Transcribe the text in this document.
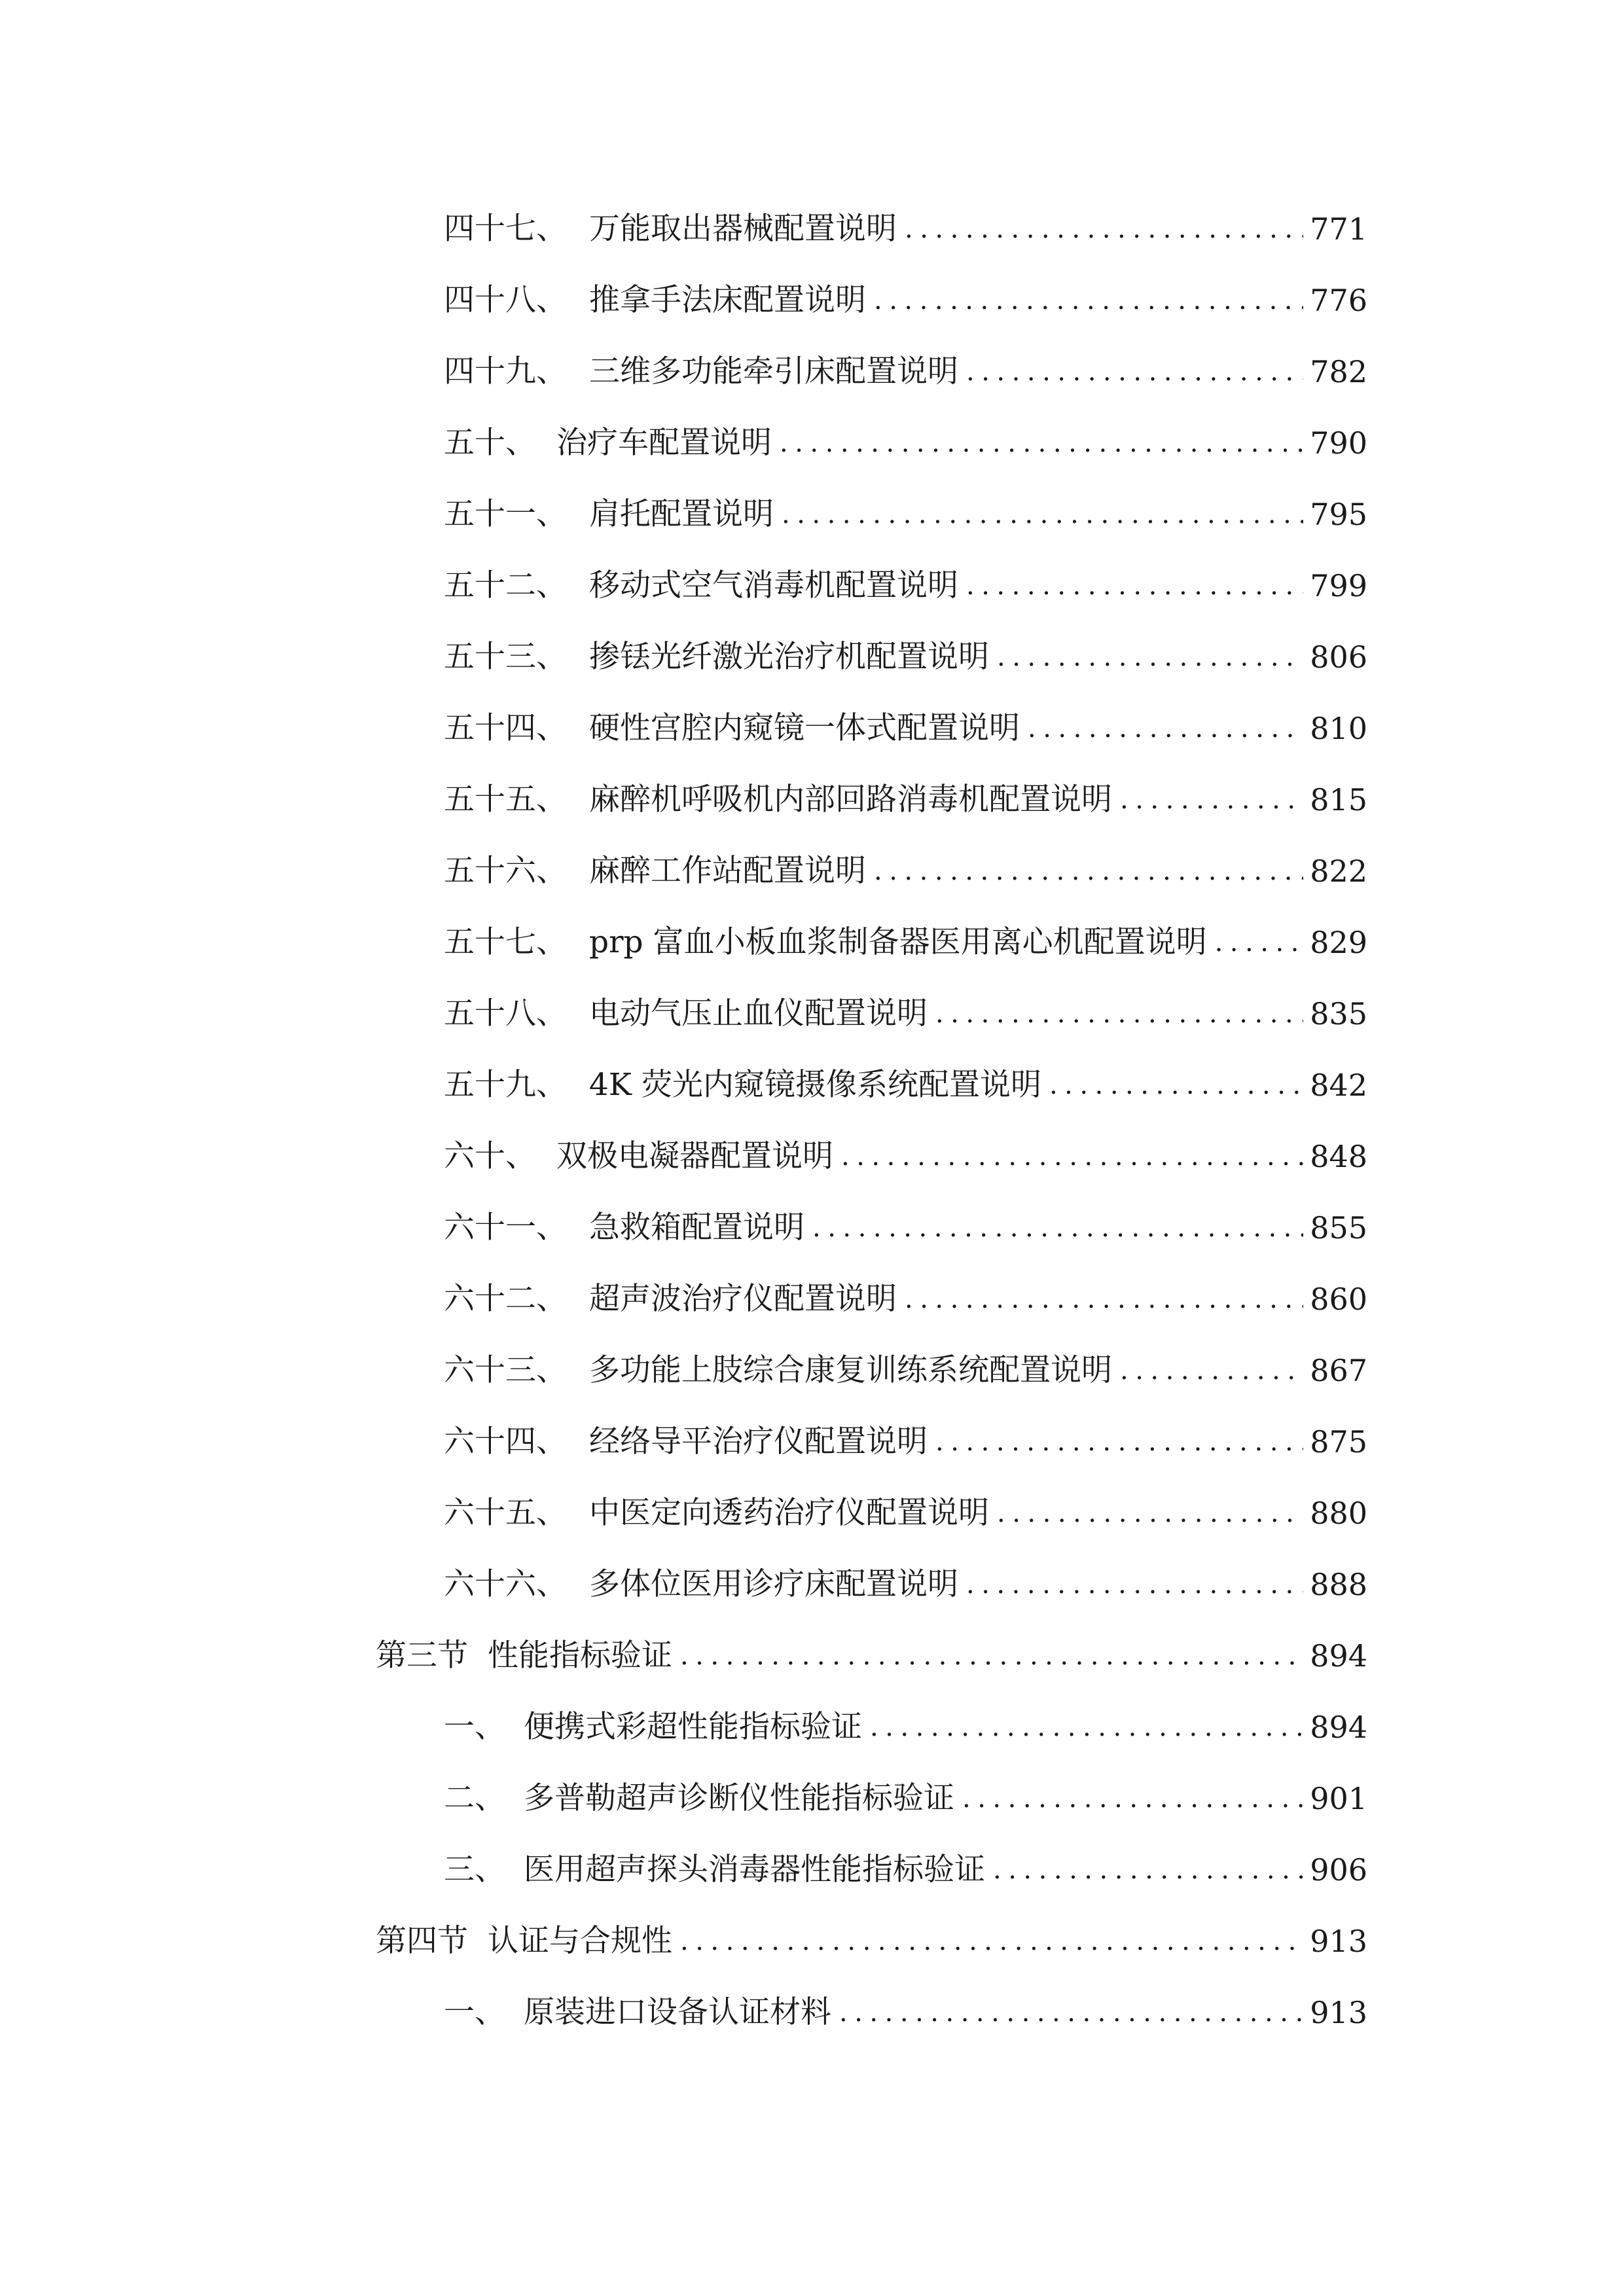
四十七、 万能取出器械配置说明 .....	771
四十八、 推拿手法床配置说明 .....	776
四十九、 三维多功能牵引床配置说明 .....	782
五十、 治疗车配置说明 .....	790
五十一、 肩托配置说明 .....	795
五十二、 移动式空气消毒机配置说明 .....	799
五十三、 掺铥光纤激光治疗机配置说明 .....	806
五十四、 硬性宫腔内窥镜一体式配置说明 .....	810
五十五、 麻醉机呼吸机内部回路消毒机配置说明 .....	815
五十六、 麻醉工作站配置说明 .....	822
五十七、 prp 富血小板血浆制备器医用离心机配置说明 .....	829
五十八、 电动气压止血仪配置说明 .....	835
五十九、 4K 荧光内窥镜摄像系统配置说明 .....	842
六十、 双极电凝器配置说明 .....	848
六十一、 急救箱配置说明 .....	855
六十二、 超声波治疗仪配置说明 .....	860
六十三、 多功能上肢综合康复训练系统配置说明 .....	867
六十四、 经络导平治疗仪配置说明 .....	875
六十五、 中医定向透药治疗仪配置说明 .....	880
六十六、 多体位医用诊疗床配置说明 .....	888
第三节 性能指标验证 .....	894
一、 便携式彩超性能指标验证 .....	894
二、 多普勒超声诊断仪性能指标验证 .....	901
三、 医用超声探头消毒器性能指标验证 .....	906
第四节 认证与合规性 .....	913
一、 原装进口设备认证材料 .....	913
